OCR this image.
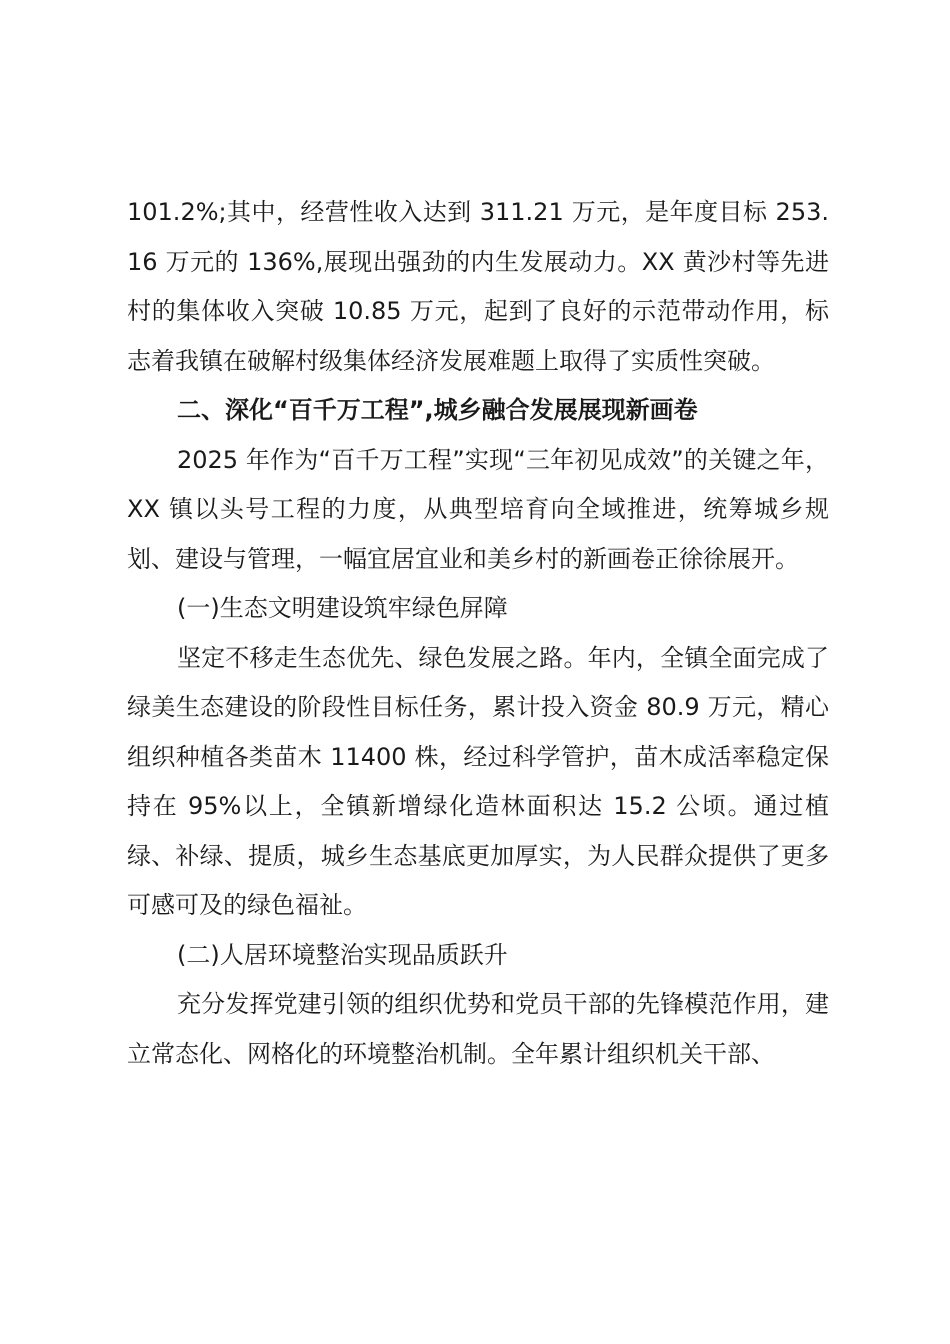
101.2%;其中，经营性收入达到 311.21 万元，是年度目标 253.16 万元的 136%,展现出强劲的内生发展动力。XX 黄沙村等先进村的集体收入突破 10.85 万元，起到了良好的示范带动作用，标志着我镇在破解村级集体经济发展难题上取得了实质性突破。

二、深化“百千万工程”,城乡融合发展展现新画卷

2025 年作为“百千万工程”实现“三年初见成效”的关键之年，XX 镇以头号工程的力度，从典型培育向全域推进，统筹城乡规划、建设与管理，一幅宜居宜业和美乡村的新画卷正徐徐展开。

(一)生态文明建设筑牢绿色屏障

坚定不移走生态优先、绿色发展之路。年内，全镇全面完成了绿美生态建设的阶段性目标任务，累计投入资金 80.9 万元，精心组织种植各类苗木 11400 株，经过科学管护，苗木成活率稳定保持在 95%以上，全镇新增绿化造林面积达 15.2 公顷。通过植绿、补绿、提质，城乡生态基底更加厚实，为人民群众提供了更多可感可及的绿色福祉。

(二)人居环境整治实现品质跃升

充分发挥党建引领的组织优势和党员干部的先锋模范作用，建立常态化、网格化的环境整治机制。全年累计组织机关干部、
